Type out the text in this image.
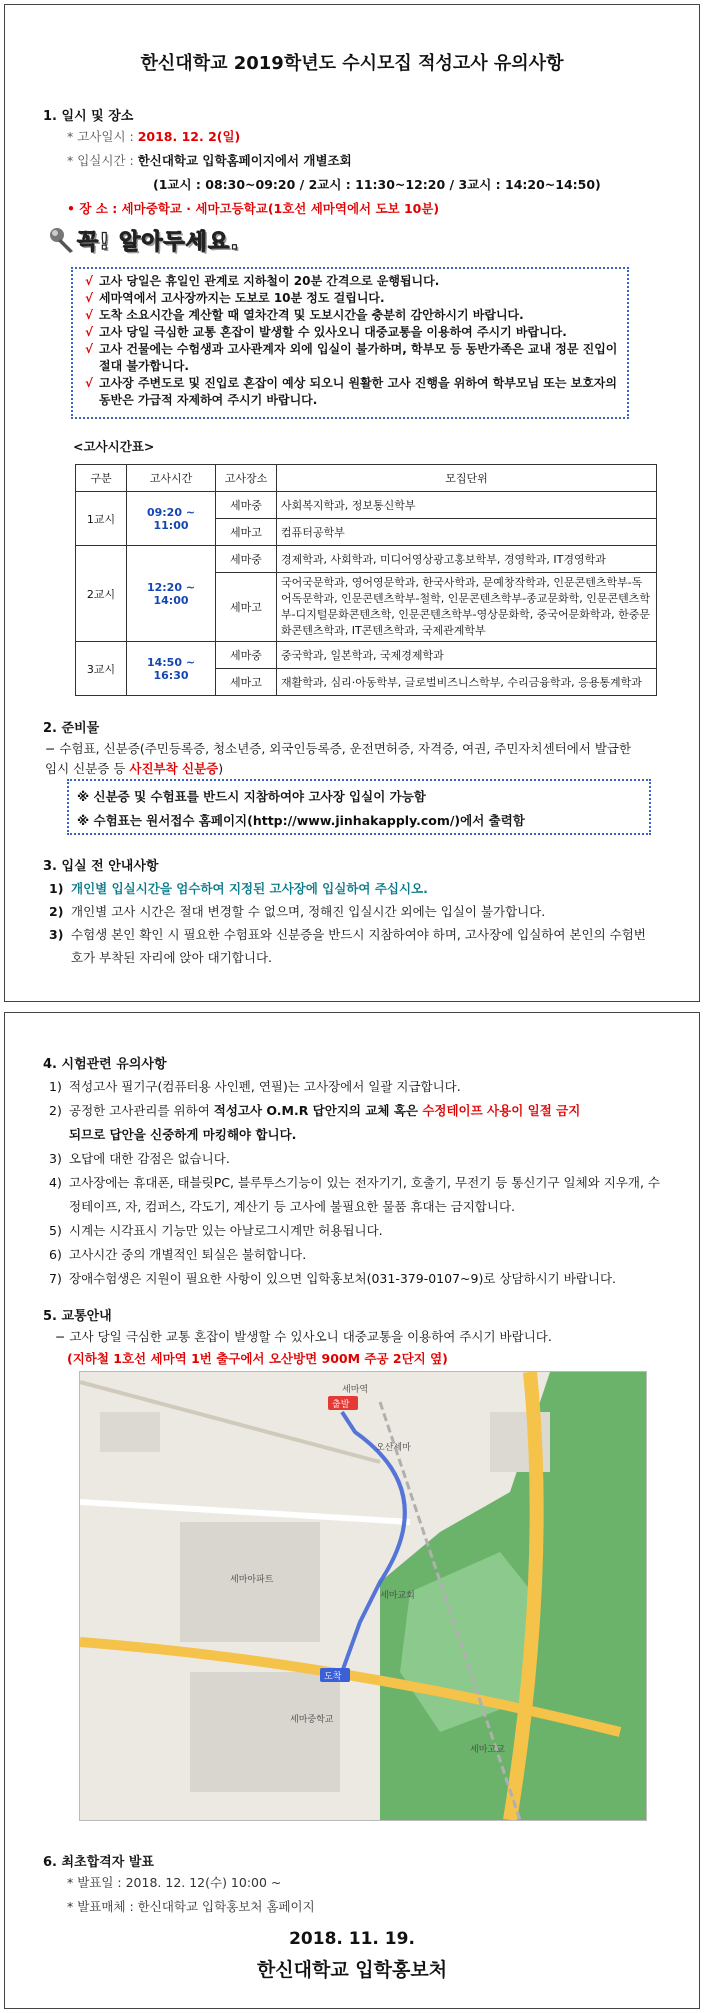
한신대학교 2019학년도 수시모집 적성고사 유의사항
1. 일시 및 장소
* 고사일시 : 2018. 12. 2(일)
* 입실시간 : 한신대학교 입학홈페이지에서 개별조회
(1교시 : 08:30~09:20 / 2교시 : 11:30~12:20 / 3교시 : 14:20~14:50)
• 장 소 : 세마중학교 · 세마고등학교(1호선 세마역에서 도보 10분)
꼭! 알아두세요.
√ 고사 당일은 휴일인 관계로 지하철이 20분 간격으로 운행됩니다.
√ 세마역에서 고사장까지는 도보로 10분 정도 걸립니다.
√ 도착 소요시간을 계산할 때 열차간격 및 도보시간을 충분히 감안하시기 바랍니다.
√ 고사 당일 극심한 교통 혼잡이 발생할 수 있사오니 대중교통을 이용하여 주시기 바랍니다.
√ 고사 건물에는 수험생과 고사관계자 외에 입실이 불가하며, 학부모 등 동반가족은 교내 정문 진입이 절대 불가합니다.
√ 고사장 주변도로 및 진입로 혼잡이 예상 되오니 원활한 고사 진행을 위하여 학부모님 또는 보호자의 동반은 가급적 자제하여 주시기 바랍니다.
<고사시간표>
구분	고사시간	고사장소	모집단위
1교시	09:20 ~ 11:00	세마중	사회복지학과, 정보통신학부
		세마고	컴퓨터공학부
2교시	12:20 ~ 14:00	세마중	경제학과, 사회학과, 미디어영상광고홍보학부, 경영학과, IT경영학과
		세마고	국어국문학과, 영어영문학과, 한국사학과, 문예창작학과, 인문콘텐츠학부-독어독문학과, 인문콘텐츠학부-철학, 인문콘텐츠학부-종교문화학, 인문콘텐츠학부-디지털문화콘텐츠학, 인문콘텐츠학부-영상문화학, 중국어문화학과, 한중문화콘텐츠학과, IT콘텐츠학과, 국제관계학부
3교시	14:50 ~ 16:30	세마중	중국학과, 일본학과, 국제경제학과
		세마고	재활학과, 심리·아동학부, 글로벌비즈니스학부, 수리금융학과, 응용통계학과
2. 준비물
− 수험표, 신분증(주민등록증, 청소년증, 외국인등록증, 운전면허증, 자격증, 여권, 주민자치센터에서 발급한 임시 신분증 등 사진부착 신분증)
※ 신분증 및 수험표를 반드시 지참하여야 고사장 입실이 가능함
※ 수험표는 원서접수 홈페이지(http://www.jinhakapply.com/)에서 출력함
3. 입실 전 안내사항
1) 개인별 입실시간을 엄수하여 지정된 고사장에 입실하여 주십시오.
2) 개인별 고사 시간은 절대 변경할 수 없으며, 정해진 입실시간 외에는 입실이 불가합니다.
3) 수험생 본인 확인 시 필요한 수험표와 신분증을 반드시 지참하여야 하며, 고사장에 입실하여 본인의 수험번호가 부착된 자리에 앉아 대기합니다.
4. 시험관련 유의사항
1) 적성고사 필기구(컴퓨터용 사인펜, 연필)는 고사장에서 일괄 지급합니다.
2) 공정한 고사관리를 위하여 적성고사 O.M.R 답안지의 교체 혹은 수정테이프 사용이 일절 금지
되므로 답안을 신중하게 마킹해야 합니다.
3) 오답에 대한 감점은 없습니다.
4) 고사장에는 휴대폰, 태블릿PC, 블루투스기능이 있는 전자기기, 호출기, 무전기 등 통신기구 일체와 지우개, 수정테이프, 자, 컴퍼스, 각도기, 계산기 등 고사에 불필요한 물품 휴대는 금지합니다.
5) 시계는 시각표시 기능만 있는 아날로그시계만 허용됩니다.
6) 고사시간 중의 개별적인 퇴실은 불허합니다.
7) 장애수험생은 지원이 필요한 사항이 있으면 입학홍보처(031-379-0107~9)로 상담하시기 바랍니다.
5. 교통안내
− 고사 당일 극심한 교통 혼잡이 발생할 수 있사오니 대중교통을 이용하여 주시기 바랍니다.
(지하철 1호선 세마역 1번 출구에서 오산방면 900M 주공 2단지 옆)
출발
도착
세마고교
세마중학교
세마역
세마아파트
세마교회
오산세마
6. 최초합격자 발표
* 발표일 : 2018. 12. 12(수) 10:00 ~
* 발표매체 : 한신대학교 입학홍보처 홈페이지
2018. 11. 19.
한신대학교 입학홍보처
